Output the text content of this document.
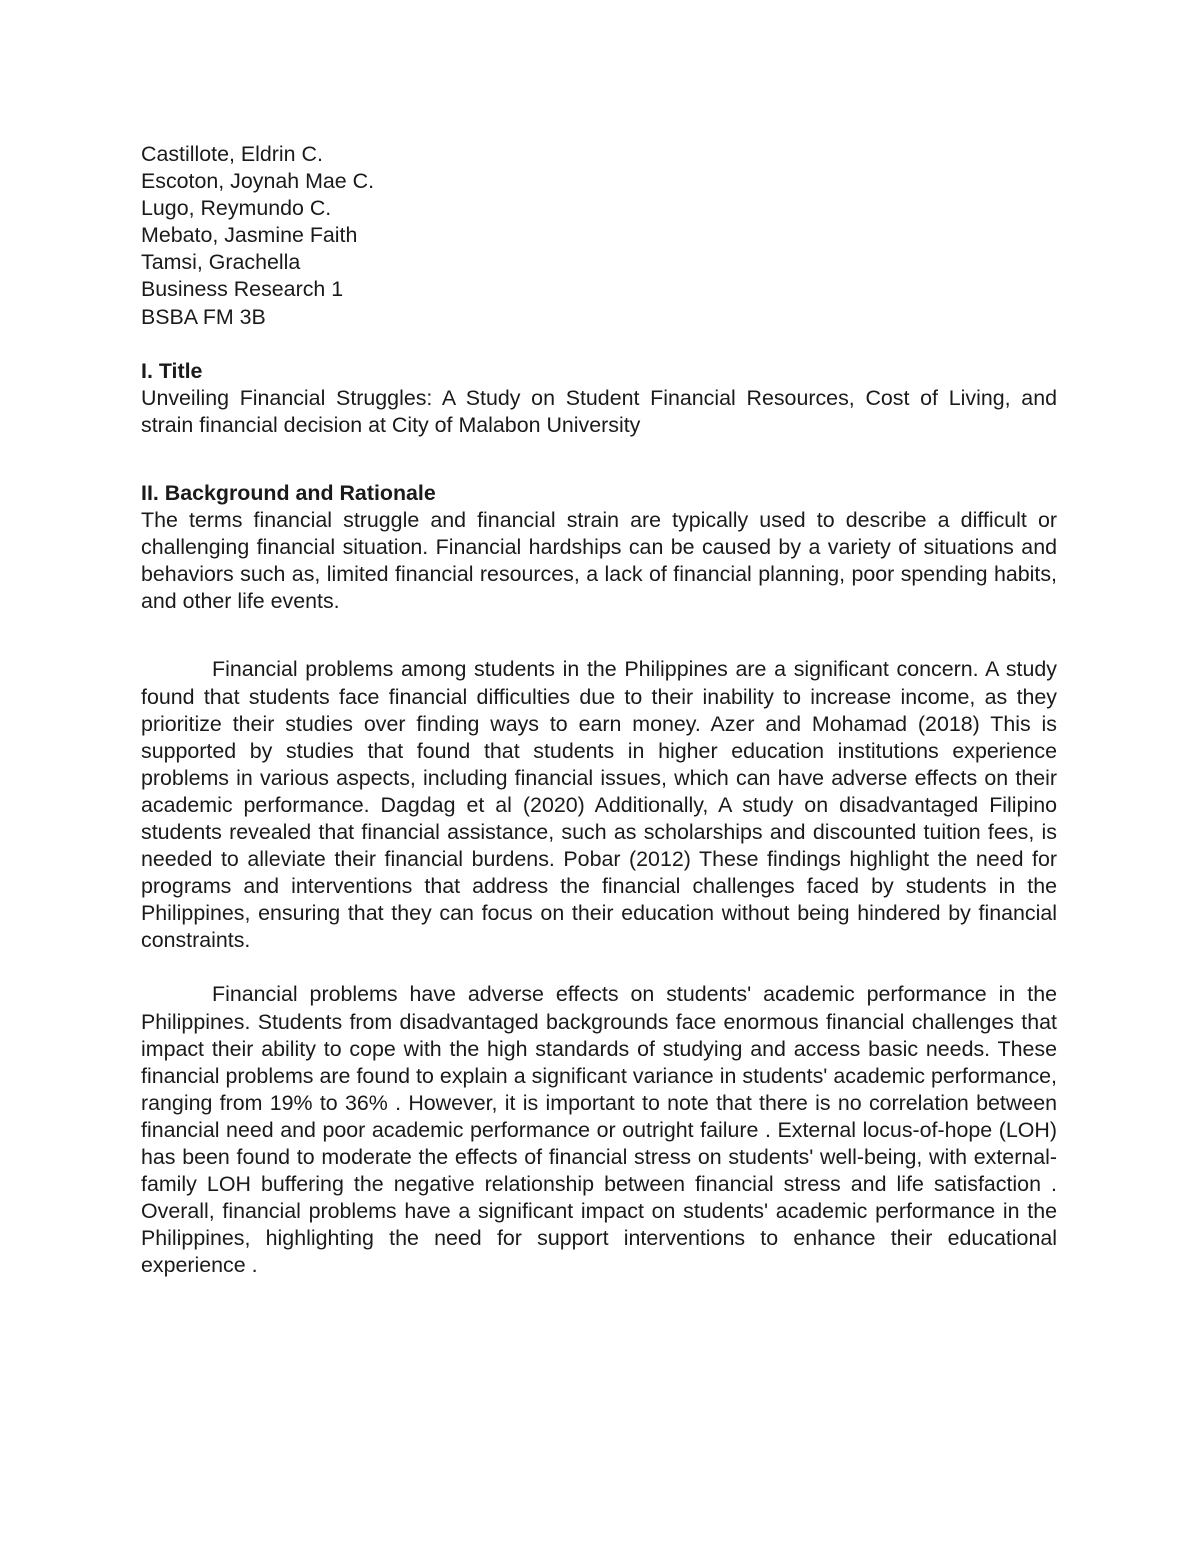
Castillote, Eldrin C.
Escoton, Joynah Mae C.
Lugo, Reymundo C.
Mebato, Jasmine Faith
Tamsi, Grachella
Business Research 1
BSBA FM 3B
I. Title

Unveiling Financial Struggles: A Study on Student Financial Resources, Cost of Living, and strain financial decision at City of Malabon University

II. Background and Rationale

The terms financial struggle and financial strain are typically used to describe a difficult or challenging financial situation. Financial hardships can be caused by a variety of situations and behaviors such as, limited financial resources, a lack of financial planning, poor spending habits, and other life events.

Financial problems among students in the Philippines are a significant concern. A study found that students face financial difficulties due to their inability to increase income, as they prioritize their studies over finding ways to earn money. Azer and Mohamad (2018) This is supported by studies that found that students in higher education institutions experience problems in various aspects, including financial issues, which can have adverse effects on their academic performance. Dagdag et al (2020) Additionally, A study on disadvantaged Filipino students revealed that financial assistance, such as scholarships and discounted tuition fees, is needed to alleviate their financial burdens. Pobar (2012) These findings highlight the need for programs and interventions that address the financial challenges faced by students in the Philippines, ensuring that they can focus on their education without being hindered by financial constraints.

Financial problems have adverse effects on students' academic performance in the Philippines. Students from disadvantaged backgrounds face enormous financial challenges that impact their ability to cope with the high standards of studying and access basic needs. These financial problems are found to explain a significant variance in students' academic performance, ranging from 19% to 36% . However, it is important to note that there is no correlation between financial need and poor academic performance or outright failure . External locus-of-hope (LOH) has been found to moderate the effects of financial stress on students' well-being, with external-family LOH buffering the negative relationship between financial stress and life satisfaction . Overall, financial problems have a significant impact on students' academic performance in the Philippines, highlighting the need for support interventions to enhance their educational experience .
